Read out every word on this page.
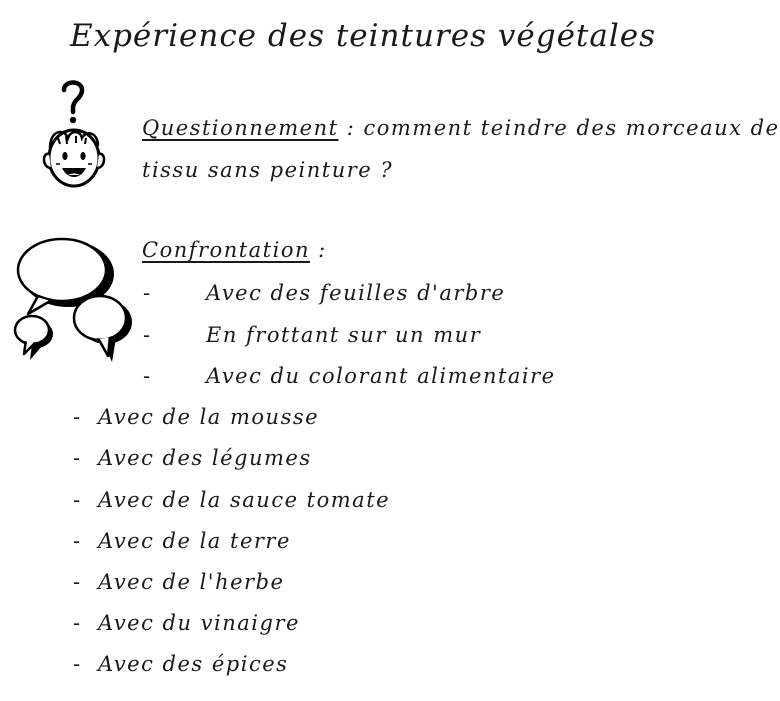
Expérience des teintures végétales
Questionnement : comment teindre des morceaux de
tissu sans peinture ?
Confrontation :
-	Avec des feuilles d'arbre
-	En frottant sur un mur
-	Avec du colorant alimentaire
- Avec de la mousse
- Avec des légumes
- Avec de la sauce tomate
- Avec de la terre
- Avec de l'herbe
- Avec du vinaigre
- Avec des épices
